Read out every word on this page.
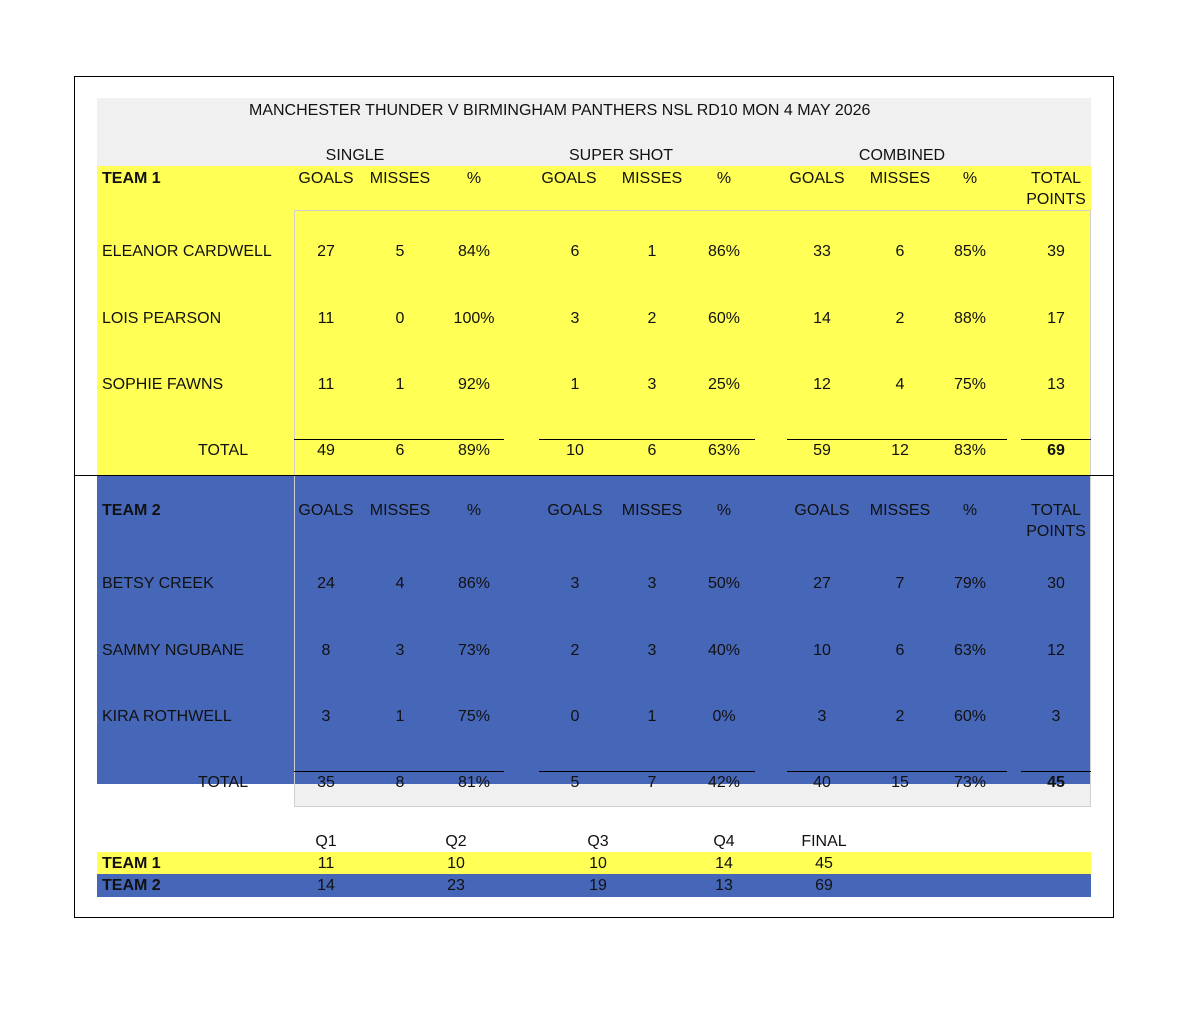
MANCHESTER THUNDER V BIRMINGHAM PANTHERS NSL RD10 MON 4 MAY 2026
SINGLE	SUPER SHOT	COMBINED
TEAM 1	GOALS MISSES %	GOALS MISSES %	GOALS MISSES %	TOTAL
POINTS
ELEANOR CARDWELL	27	5	84%	6	1	86%	33	6	85%	39
LOIS PEARSON	11	0	100%	3	2	60%	14	2	88%	17
SOPHIE FAWNS	11	1	92%	1	3	25%	12	4	75%	13
TOTAL	49	6	89%	10	6	63%	59	12	83%	69
TEAM 2	GOALS MISSES %	GOALS MISSES %	GOALS MISSES %	TOTAL
POINTS
BETSY CREEK	24	4	86%	3	3	50%	27	7	79%	30
SAMMY NGUBANE	8	3	73%	2	3	40%	10	6	63%	12
KIRA ROTHWELL	3	1	75%	0	1	0%	3	2	60%	3
TOTAL	35	8	81%	5	7	42%	40	15	73%	45
Q1	Q2	Q3	Q4	FINAL
TEAM 1	11	10	10	14	45
TEAM 2	14	23	19	13	69
